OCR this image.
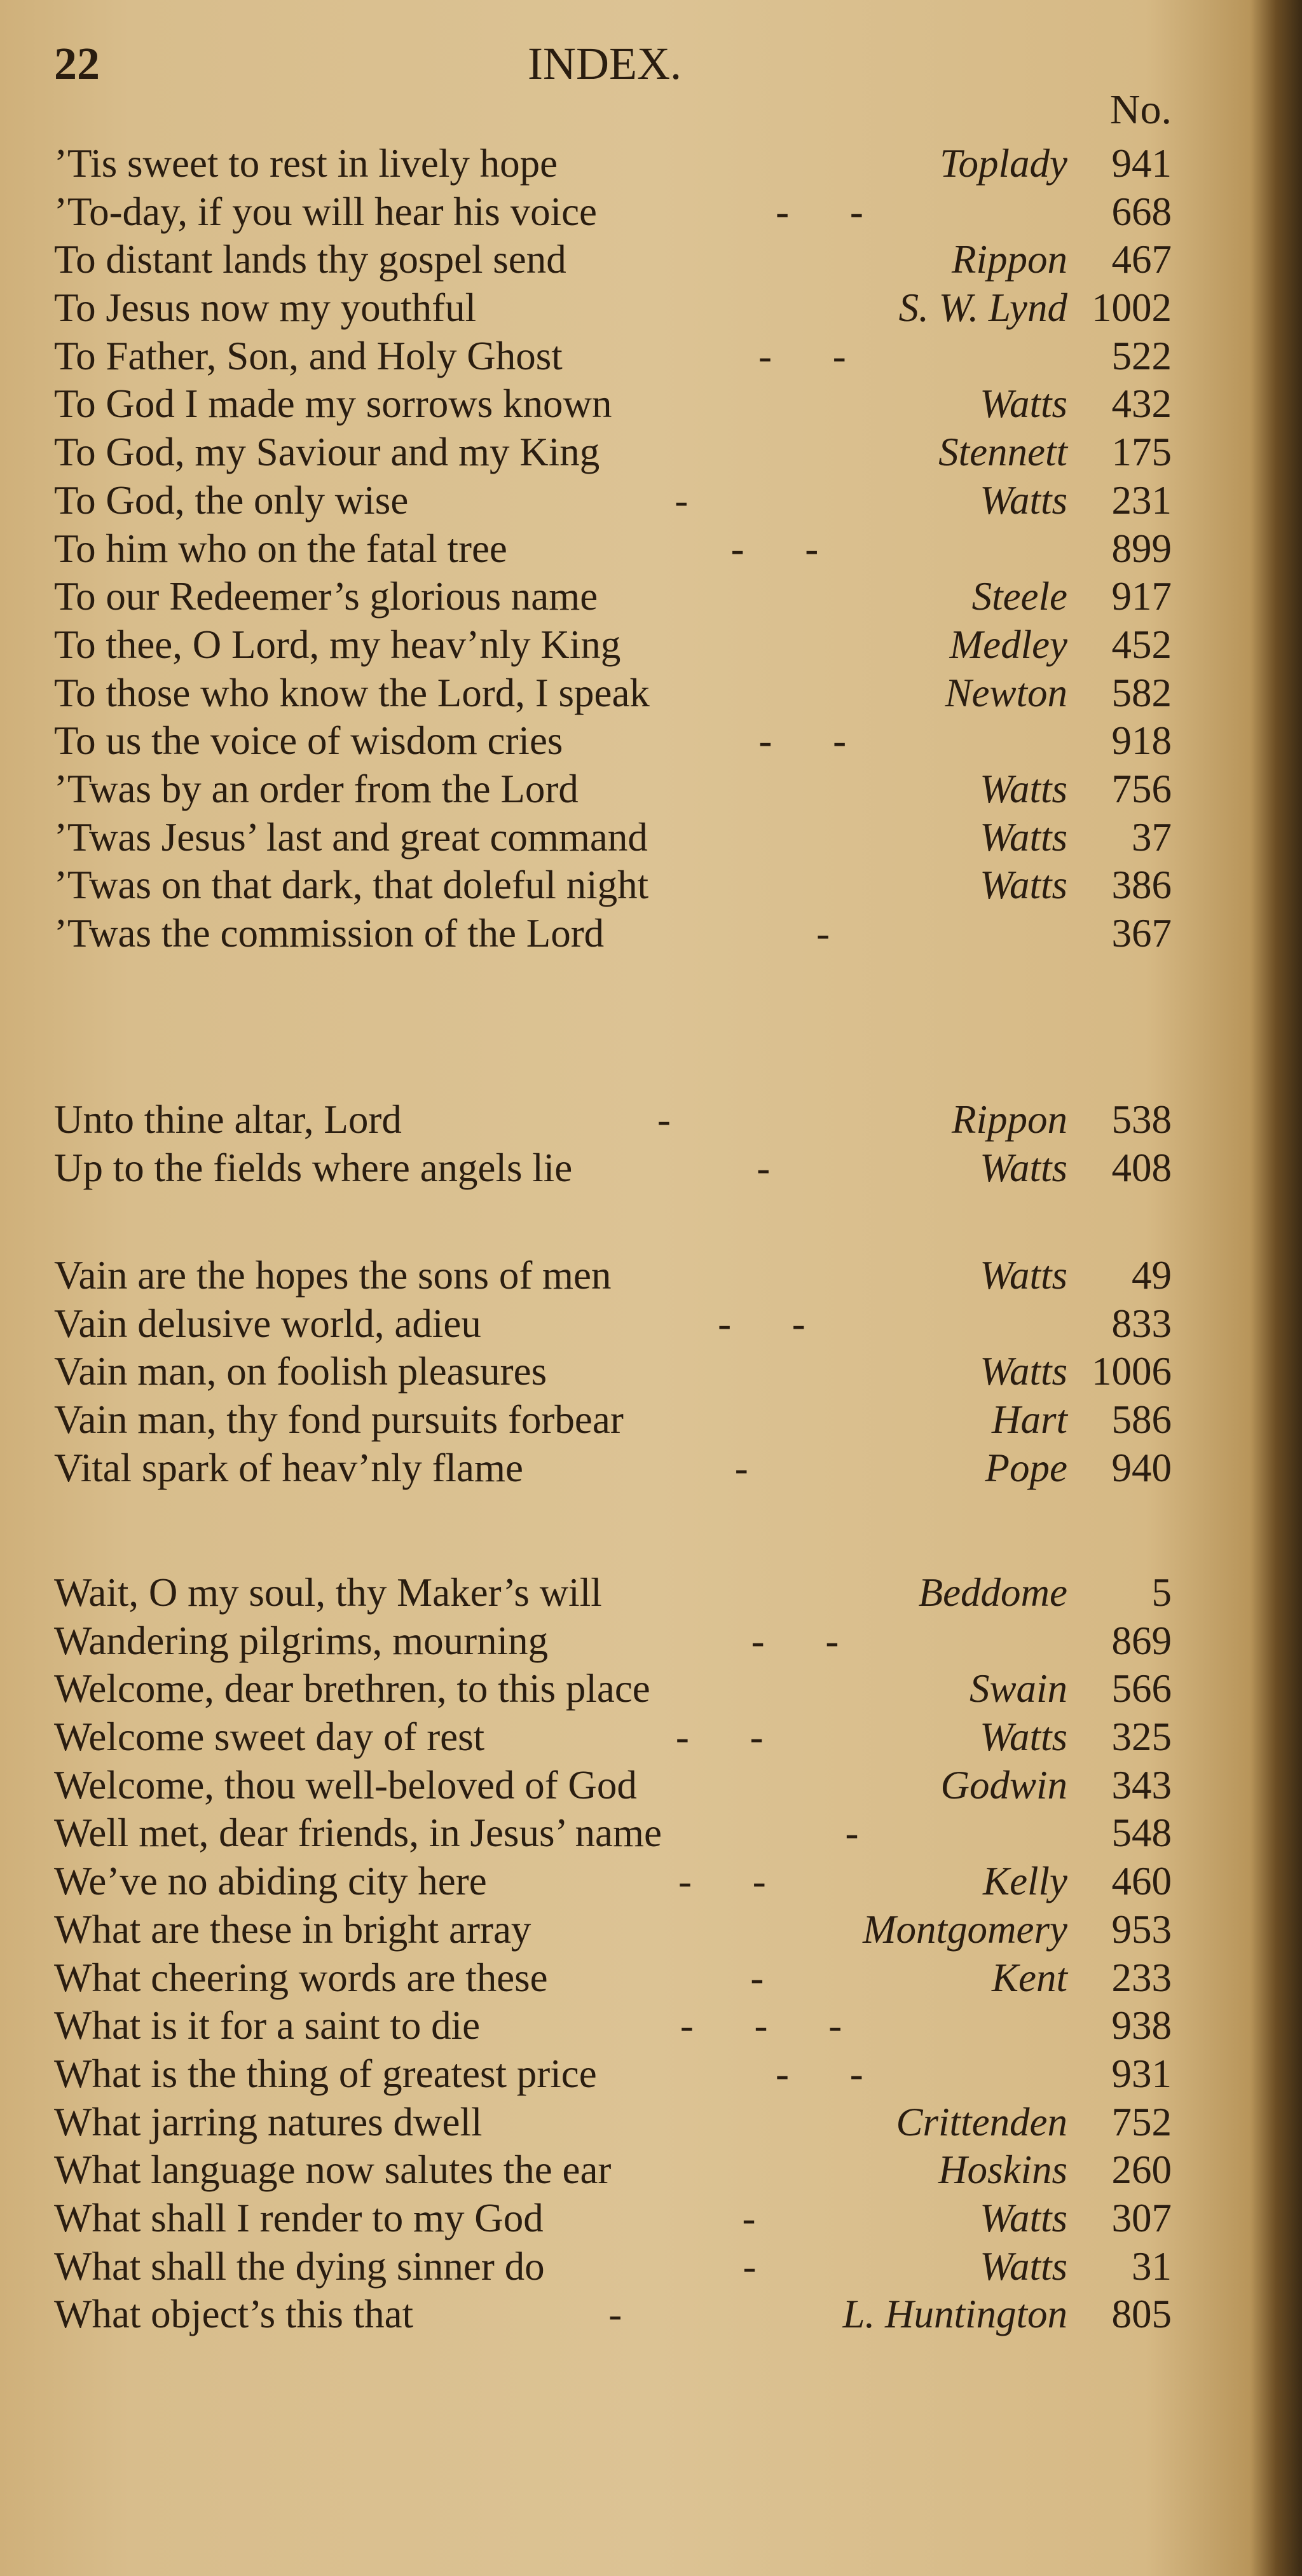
22	INDEX.
No.
’Tis sweet to rest in lively hope	Toplady	941
’To-day, if you will hear his voice	- -	668
To distant lands thy gospel send	Rippon	467
To Jesus now my youthful	S. W. Lynd 1002
To Father, Son, and Holy Ghost	- -	522
To God I made my sorrows known	Watts	432
To God, my Saviour and my King	Stennett	175
To God, the only wise	-	Watts	231
To him who on the fatal tree	- -	899
To our Redeemer’s glorious name	Steele	917
To thee, O Lord, my heav’nly King	Medley	452
To those who know the Lord, I speak	Newton	582
To us the voice of wisdom cries	- -	918
’Twas by an order from the Lord	Watts	756
’Twas Jesus’ last and great command	Watts	37
’Twas on that dark, that doleful night	Watts	386
’Twas the commission of the Lord	-	367
Unto thine altar, Lord	-	Rippon	538
Up to the fields where angels lie	-	Watts	408
Vain are the hopes the sons of men	Watts	49
Vain delusive world, adieu	- -	833
Vain man, on foolish pleasures	Watts 1006
Vain man, thy fond pursuits forbear	Hart	586
Vital spark of heav’nly flame	-	Pope	940
Wait, O my soul, thy Maker’s will	Beddome	5
Wandering pilgrims, mourning	- -	869
Welcome, dear brethren, to this place	Swain	566
Welcome sweet day of rest	- -	Watts	325
Welcome, thou well-beloved of God	Godwin	343
Well met, dear friends, in Jesus’ name	-	548
We’ve no abiding city here	- -	Kelly	460
What are these in bright array	Montgomery	953
What cheering words are these	-	Kent	233
What is it for a saint to die	- - -	938
What is the thing of greatest price	- -	931
What jarring natures dwell	Crittenden	752
What language now salutes the ear	Hoskins	260
What shall I render to my God	-	Watts	307
What shall the dying sinner do	-	Watts	31
What object’s this that	-	L. Huntington	805
